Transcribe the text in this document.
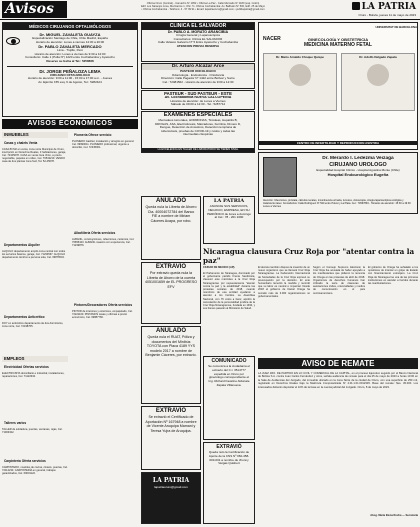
Avisos	Oficina Oruro (Central) - Camacho Nº 1952 • Oficina La Paz - Calle Mercado Nº 1180 (esq. Colón)
Edif. Los Naranjos Lima, Mezzanine 1, Ofic. 5 • Oficina Cochabamba: Av. Ballivián Nº 500, Edif. 25 de Mayo
• Oficina Cochabamba - Teléfono: 4 - 57 09 91 • Email: lapatriaoruro@gmail.com • publilapatria@gmail.com	LA PATRIA
Oruro - Bolivia, jueves 11 de mayo de 2023
MÉDICOS CIRUJANOS OFTALMÓLOGOS
Dr. MIGUEL ZAVALETA GUAYZA
Especialización Santiago de Chile, Chile Madrid, España
Horario de atención: Lunes a viernes 14:30 a 20:00
Dr. PABLO ZAVALETA MERCADO
Lima - Trujillo, Perú
Horario de atención: Lunes a viernes de 9:30 a 12:00
Consultorio: Calle 1 (Pulla Nº) 1220 entre Cochabamba y Ayacucho
Reserve su fecha al Tel.: 5258668
Dr. JORGE PEÑALOZA LEMA
CIRUJANO OFTALMÓLOGO
Horario de atención: 9:00 a 11:00 - 15:00 a 17:00 a.m. - Jueves
Av. Ejército 155 esq. 6 de Agosto, Tel.: 5282424
CLINICA EL SALVADOR
Dr. PABLO A. MORATO ARANCIBIA
Cirugía General y Laparoscópica
Consultorios: Clínica EL SALVADOR
Calle Velasco Galvarro Nº 5 Entre Ayacucho y Cochabamba
ATENCIÓN PREVIA RESERVA
Dr. Arturo Alcázar Arce
PASTEUR ONCOLÓGICO
Odontología · Endodoncia · Ortodoncia
Dirección: Calle Pagador Nº 1422 entre Bolívar y Sucre
Cel.: 72481562 - Horario de atención de 9:00 a 12:30
PASTEUR - SUD PASTEUR - ESTE
Av. Cochabamba NUEVA CALCOPEINA
Horarios de atención: de Lunes a Viernes
Sábado de 09:00 a 12:00 - Tel.: 5287712
EXAMENES ESPECIALES
Mercadeos tumorales, HORMONAS, Tiroideas, Hepatitis B,
DROGAS, ASA, Electroforesis, Marcadores, Ferritina, Dímero D,
Dengue, Detección de Ancestros, Detección temprana de
tuberculosis, pruebas de COVID-19 y ruidos y todas las
intermedias citoquinas
LA EXCELENCIA EN TALLER DE LABORATORIO SE TIENEN NIVEL
NACER
UNIVERSITAT DE BARCELONA
GINECOLOGÍA Y OBSTETRICIA
MEDICINA MATERNO FETAL
Dr. Mario Arnaldo Choque Quispe	Dr. Adolfo Delgado Zapata
CENTRO DE INFERTILIDAD Y REPRODUCCION ASISTIDA
Dr. Merardo I. Ledezma Veizaga
CIRUJANO URÓLOGO
Especialidad Hospital Clínico - Hospital Agustina Monte (Chile)
Hospital Endourológico Eugeña
Atención: Infecciones, próstata, cálculos renales, incontinencia urinaria, tumores, cistoscopia, cirugía laparoscópica urológica y tratamiento laser. Consultorios: Calle Rodríguez Nº 520 entre Potosí y La Plata. Cel.: 74567894 - Horarios de atención: 15:30 a 19:30 Lunes a Viernes
AVISOS ECONÓMICOS
INMUEBLES
Casas y chalets Venta
CASA 80 M2 en venta, zona norte Municipio de Oruro, inscripción en Derechos Reales, 3 habitaciones, garaje, Cel. 72345678. CASA en venta zona Vinto, a precio negociable, papeles en orden, Cel. 76543210. VENDO casa de dos plantas zona Sud, Tel. 52-45678.
Departamentos Alquiler
ALQUILO departamento amplio zona central con todos los servicios básicos, garaje, Cel. 71234567. ALQUILO departamento céntrico a persona sola, Cel. 69876543.
Departamentos Anticrético
DOY en anticrético departamento de dos dormitorios, zona norte, Cel. 72198765.
EMPLEOS
Electricidad Ofertas servicios
ELECTRICISTA domiciliario e industrial, instalaciones, reparaciones, Cel. 71122334.
Talleres varios
TALLER de soldadura, puertas, ventanas, rejas, Cel. 71003322.
Carpintería Oferta servicios
CARPINTERO, muebles de cocina, closets, puertas, Cel. 72112233. CARPINTERÍA en general, trabajos garantizados, Cel. 69001122.
Plomería Ofrece servicio
PLOMERO Gasfiter, instalación y arreglos en general. Cel. 69990011. PLOMERO profesional, urgente a domicilio, Cel. 72345001.
Albañilería Oferta servicios
ALBAÑIL, construcciones, refacciones, cerámica, Cel. 76655443. ALBAÑIL maestro con experiencia, Cel. 71239876.
Pintores/Decoradores Oferta servicios
PINTOR de interiores y exteriores, empapelado, Cel. 72221100. PINTAMOS casas y oficinas a precio económico, Cel. 69887766.
ANULADO
Queda nula la Libreta de Ahorro Cta. 40004072784 del Banco FIE a nombre de Miriam Cáceres Acapa, por robo.
EXTRAVIÓ
Por extravío queda nula la Libreta de Ahorro de la cuenta 4051001659 de EL PROGRESO EFV
ANULADO
Queda nula el RUAT, Póliza y documentos del Minibús TOYOTA con Placa 4189 YYS modelo 2017 a nombre de Benjamin Cáceres, por extravío.
EXTRAVIÓ
Se extravió el Certificado de Aportación Nº 167948 a nombre de Vicente Aruquipa Mamani y Teresa Yujra de Aruquipa.
LA PATRIA
lapatriaoruro@gmail.com
LA PATRIA
ANUNCIE SUS SERVICIOS, NEGOCIO, EMPRESA, EN SU PERIÓDICO de lunes a domingo al Cel.: 78 - 201 1090
COMUNICADO
Se comunica a la ciudadanía el extravío del C.I. 3514777 expedida en Oruro por ginecólogo correspondiente el Ing. Richard Faustino Aldunate Zapata Villanueva.
EXTRAVIÓ
Queda nulo la Certificación de Aporte de la CNS Nº 060-458-003-001 a nombre de Jhonny Vargas Quisbert
Nicaragua clausura Cruz Roja por "atentar contra la paz"
CIUDAD DE MÉXICO (AP).
El Parlamento de Nicaragua, dominado por el gobernante partido Frente Sandinista, clausuró este miércoles a la Cruz Roja Nicaragüense por supuestamente "atentar contra la paz y la estabilidad" durante las protestas sociales de 2018, cuando miembros de esa entidad ayudaron a atender a los heridos. La Asamblea Nacional, con 76 votos a favor, aprobó la cancelación de la personalidad jurídica de la Cruz Roja Nicaragüense, fundada en 1934, y sus bienes pasarán al Ministerio de Salud.
El decreto también dispuso la creación de un nuevo organismo que se llamará Cruz Roja Nicaragüense. La Federación Internacional de Sociedades de la Cruz Roja expresó su preocupación por la decisión. El ente humanitario lamentó la medida y recordó que su labor es neutral e imparcial. Desde 2018 el gobierno de Daniel Ortega ha cerrado más de 3.000 organizaciones no gubernamentales.
Según el Consejo Supremo Electoral, la Cruz Roja fue acusada de haber apoyado a los manifestantes que pidieron la renuncia de Ortega en las protestas de abril de 2018. Organismos de derechos humanos han criticado la serie de clausuras de asociaciones civiles, universidades y medios de comunicación en el país centroamericano.
El gobierno de Ortega ha señalado a los opositores de intentar un golpe de Estado con financiamiento extranjero. La Cruz Roja de Nicaragua fue una de las primeras instituciones en atender a heridos durante las manifestaciones.
AVISO DE REMATE
LA JUEZ 1RO. DE PARTIDO EN LO CIVIL Y COMERCIAL DE LA CAPITAL, en el proceso Ejecutivo seguido por el Banco Nacional de Bolivia S.A. contra Juan Carlos Fernández y otros, señala audiencia de remate para el día 25 de mayo de 2023 a horas 10:00 en la Sala de Audiencias del Juzgado, del inmueble ubicado en la zona Norte de la ciudad de Oruro, con una superficie de 250 m2, registrado en Derechos Reales bajo la Matrícula Computarizada Nº 4.01.1.01.0012345. Base del remate: $us. 45.000. Los interesados deberán depositar el 10% de la base en la cuenta judicial del Juzgado. Oruro, 8 de mayo de 2023.
Abog. María Elena Rocha — Secretaria
